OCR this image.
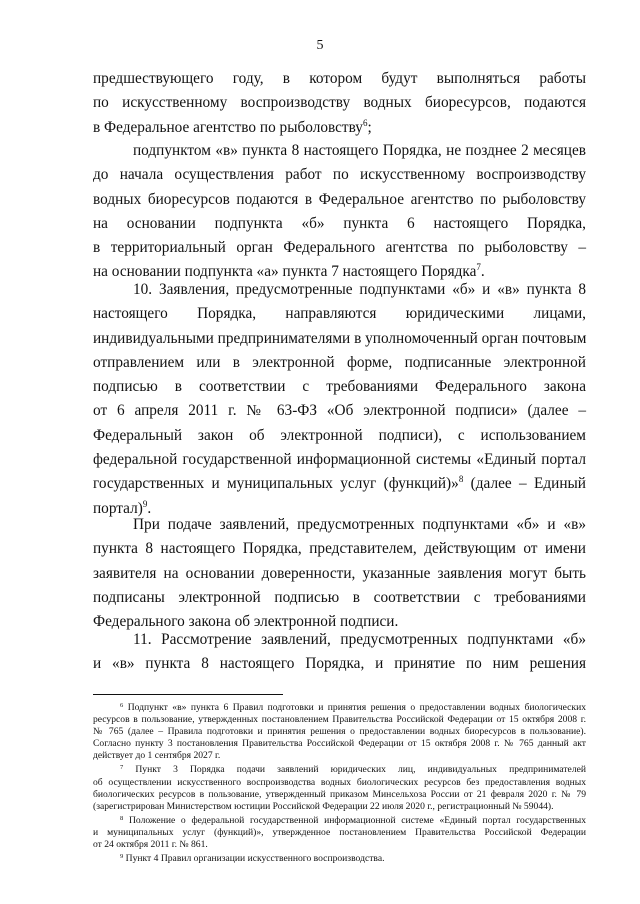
5
предшествующего году, в котором будут выполняться работы
по искусственному воспроизводству водных биоресурсов, подаются
в Федеральное агентство по рыболовству$^6$;
подпунктом «в» пункта 8 настоящего Порядка, не позднее 2 месяцев
до начала осуществления работ по искусственному воспроизводству
водных биоресурсов подаются в Федеральное агентство по рыболовству
на основании подпункта «б» пункта 6 настоящего Порядка,
в территориальный орган Федерального агентства по рыболовству –
на основании подпункта «а» пункта 7 настоящего Порядка$^7$.
10. Заявления, предусмотренные подпунктами «б» и «в» пункта 8
настоящего Порядка, направляются юридическими лицами,
индивидуальными предпринимателями в уполномоченный орган почтовым
отправлением или в электронной форме, подписанные электронной
подписью в соответствии с требованиями Федерального закона
от 6 апреля 2011 г. № 63-ФЗ «Об электронной подписи» (далее –
Федеральный закон об электронной подписи), с использованием
федеральной государственной информационной системы «Единый портал
государственных и муниципальных услуг (функций)»$^8$ (далее – Единый
портал)$^9$.
При подаче заявлений, предусмотренных подпунктами «б» и «в»
пункта 8 настоящего Порядка, представителем, действующим от имени
заявителя на основании доверенности, указанные заявления могут быть
подписаны электронной подписью в соответствии с требованиями
Федерального закона об электронной подписи.
11. Рассмотрение заявлений, предусмотренных подпунктами «б»
и «в» пункта 8 настоящего Порядка, и принятие по ним решения
$^6$ Подпункт «в» пункта 6 Правил подготовки и принятия решения о предоставлении водных биологических
ресурсов в пользование, утвержденных постановлением Правительства Российской Федерации от 15 октября 2008 г.
№ 765 (далее – Правила подготовки и принятия решения о предоставлении водных биоресурсов в пользование).
Согласно пункту 3 постановления Правительства Российской Федерации от 15 октября 2008 г. № 765 данный акт
действует до 1 сентября 2027 г.
$^7$ Пункт 3 Порядка подачи заявлений юридических лиц, индивидуальных предпринимателей
об осуществлении искусственного воспроизводства водных биологических ресурсов без предоставления водных
биологических ресурсов в пользование, утвержденный приказом Минсельхоза России от 21 февраля 2020 г. № 79
(зарегистрирован Министерством юстиции Российской Федерации 22 июля 2020 г., регистрационный № 59044).
$^8$ Положение о федеральной государственной информационной системе «Единый портал государственных
и муниципальных услуг (функций)», утвержденное постановлением Правительства Российской Федерации
от 24 октября 2011 г. № 861.
$^9$ Пункт 4 Правил организации искусственного воспроизводства.
